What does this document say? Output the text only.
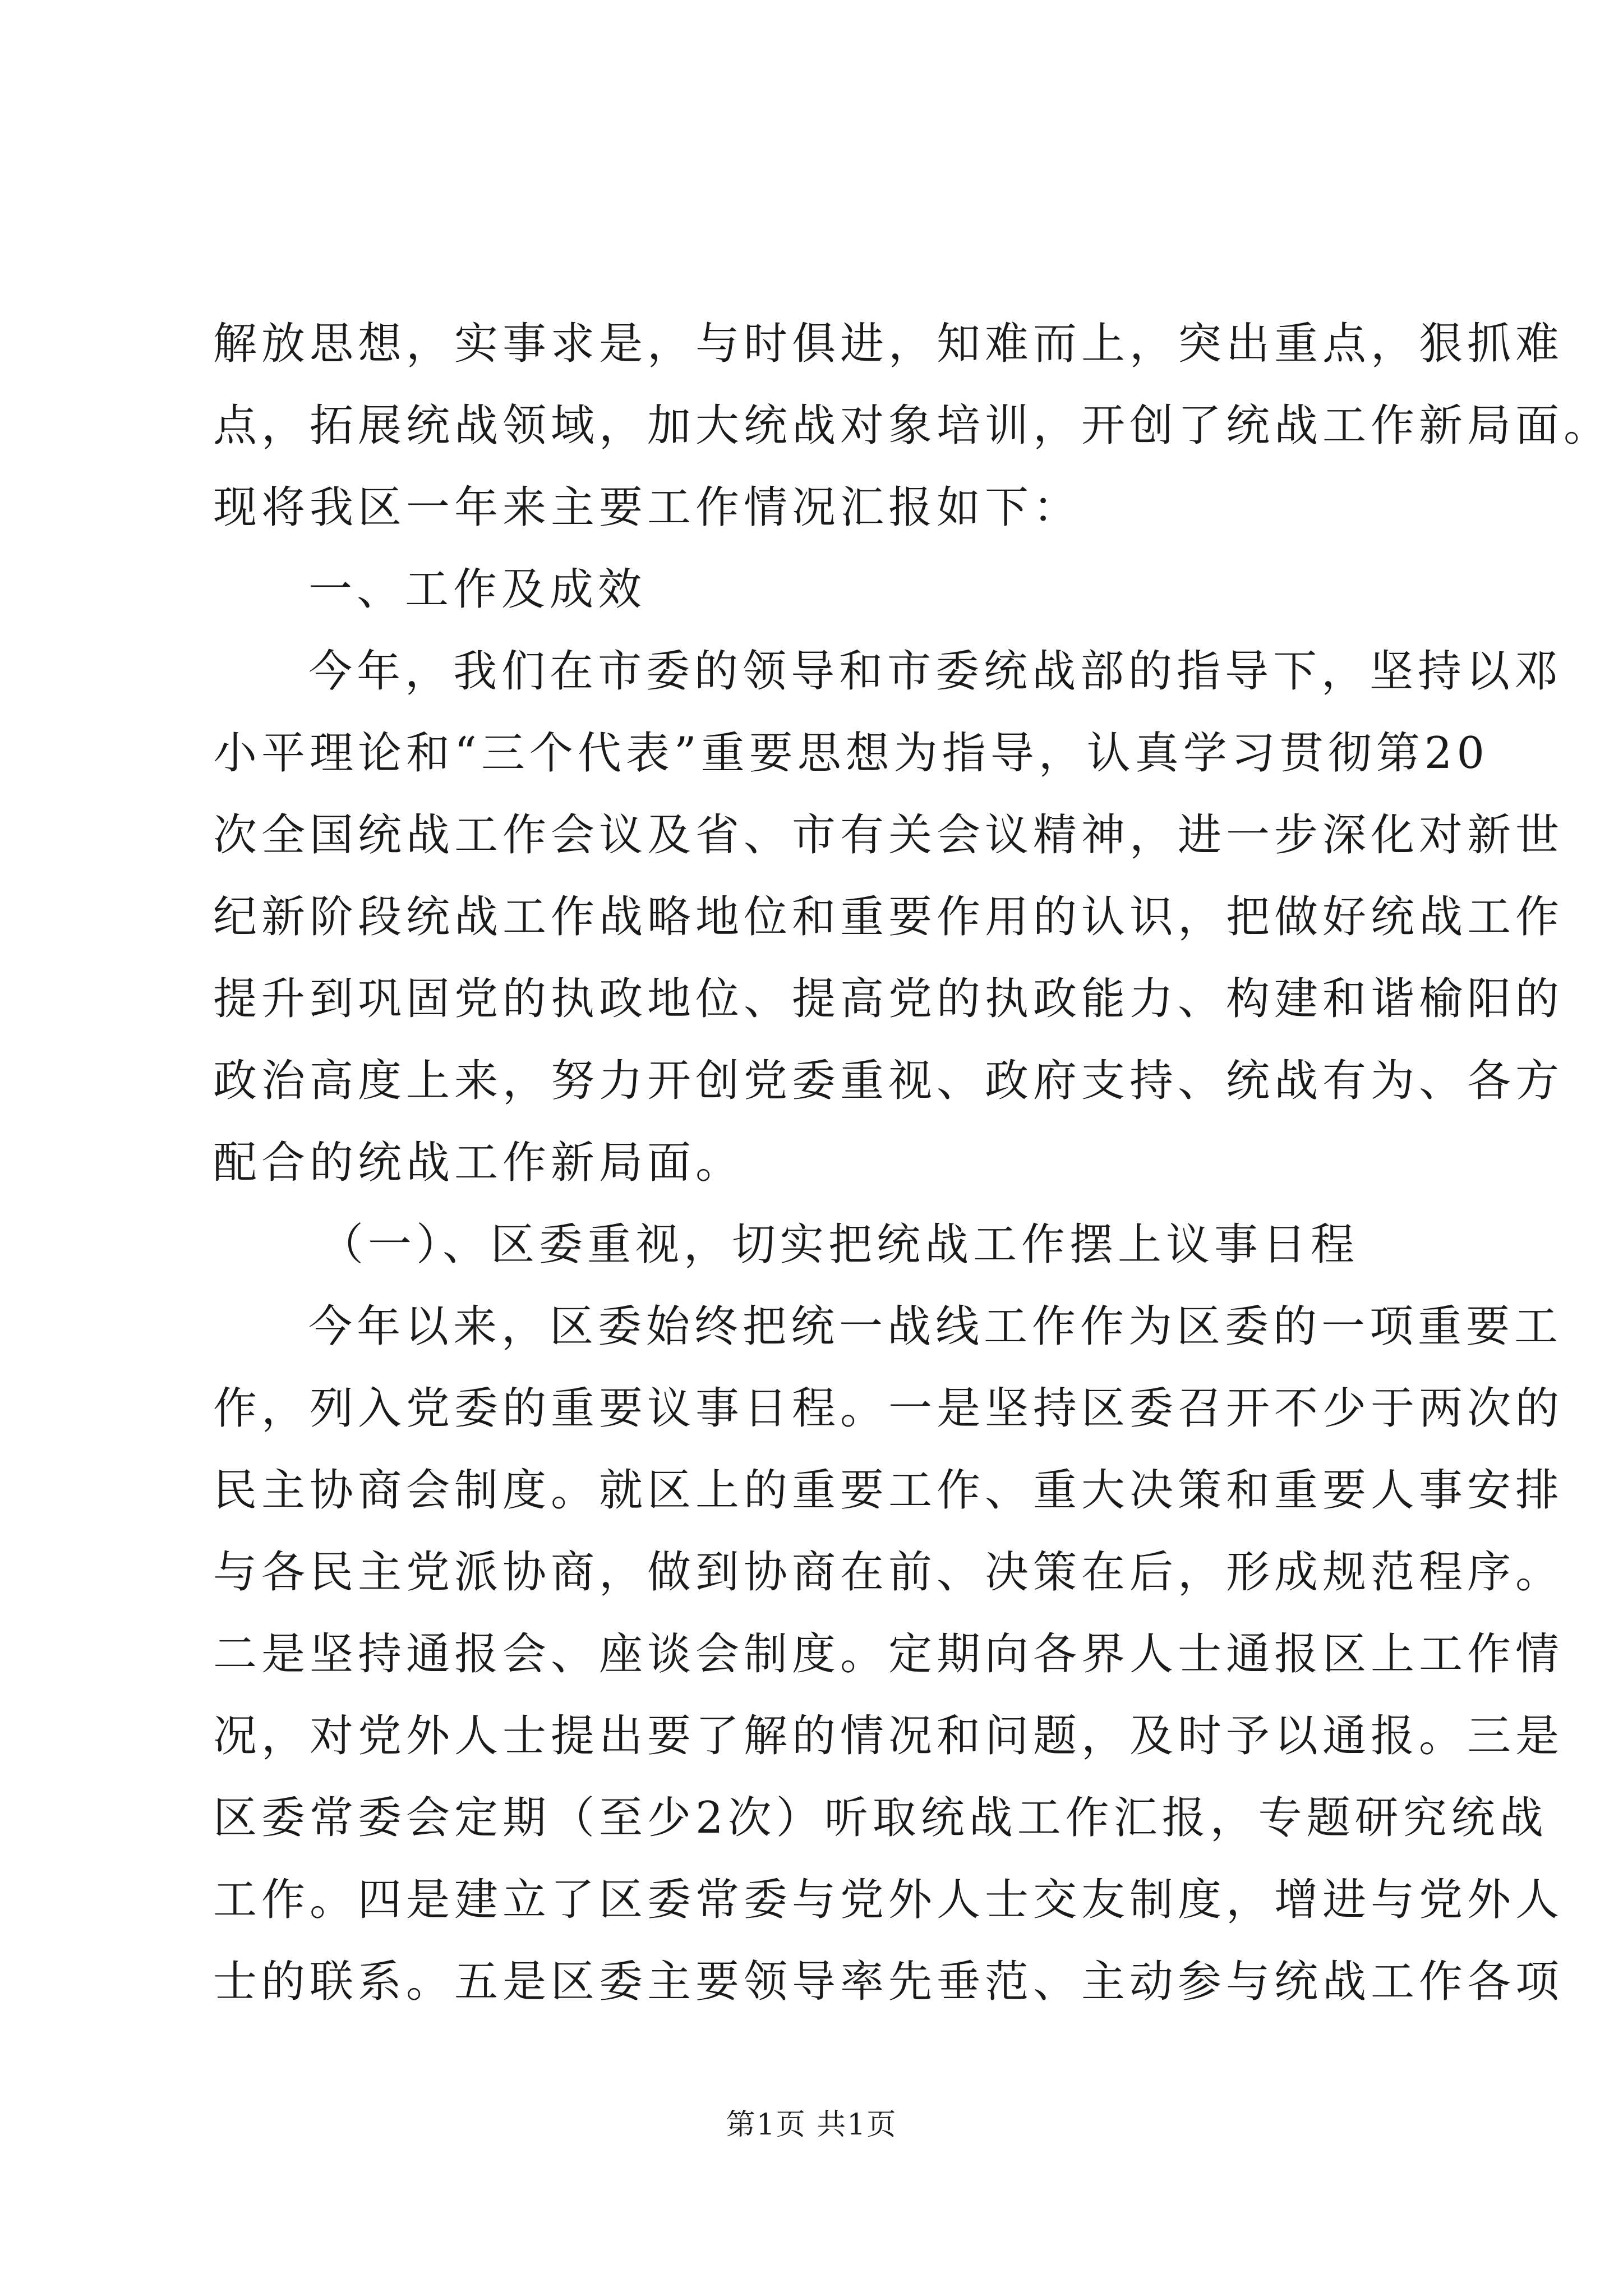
解放思想，实事求是，与时俱进，知难而上，突出重点，狠抓难
点，拓展统战领域，加大统战对象培训，开创了统战工作新局面。
现将我区一年来主要工作情况汇报如下：
一、工作及成效
今年，我们在市委的领导和市委统战部的指导下，坚持以邓
小平理论和“三个代表”重要思想为指导，认真学习贯彻第20
次全国统战工作会议及省、市有关会议精神，进一步深化对新世
纪新阶段统战工作战略地位和重要作用的认识，把做好统战工作
提升到巩固党的执政地位、提高党的执政能力、构建和谐榆阳的
政治高度上来，努力开创党委重视、政府支持、统战有为、各方
配合的统战工作新局面。
（一）、区委重视，切实把统战工作摆上议事日程
今年以来，区委始终把统一战线工作作为区委的一项重要工
作，列入党委的重要议事日程。一是坚持区委召开不少于两次的
民主协商会制度。就区上的重要工作、重大决策和重要人事安排
与各民主党派协商，做到协商在前、决策在后，形成规范程序。
二是坚持通报会、座谈会制度。定期向各界人士通报区上工作情
况，对党外人士提出要了解的情况和问题，及时予以通报。三是
区委常委会定期（至少2次）听取统战工作汇报，专题研究统战
工作。四是建立了区委常委与党外人士交友制度，增进与党外人
士的联系。五是区委主要领导率先垂范、主动参与统战工作各项
第1页 共1页
